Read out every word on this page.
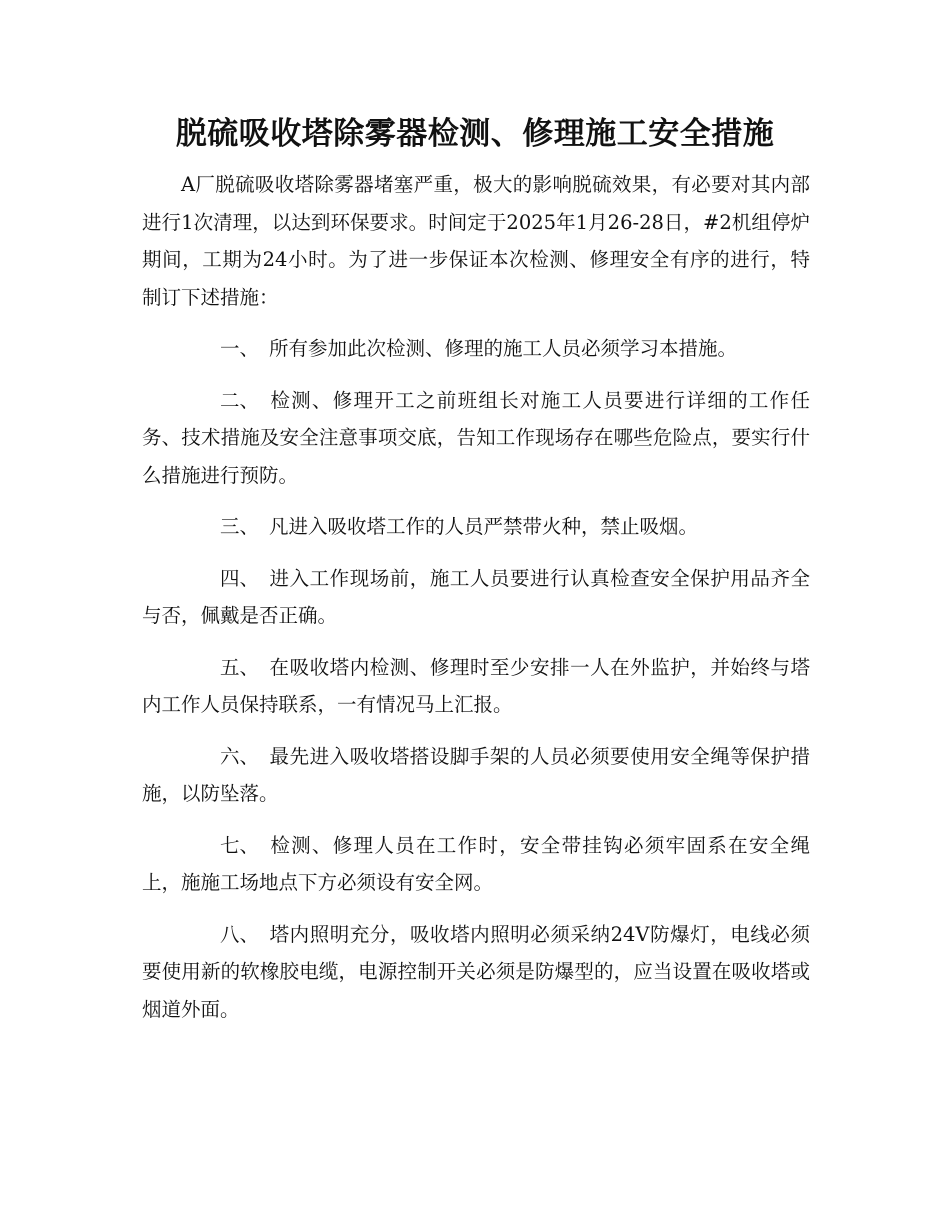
脱硫吸收塔除雾器检测、修理施工安全措施

A厂脱硫吸收塔除雾器堵塞严重，极大的影响脱硫效果，有必要对其内部进行1次清理，以达到环保要求。时间定于2025年1月26-28日，#2机组停炉期间，工期为24小时。为了进一步保证本次检测、修理安全有序的进行，特制订下述措施：

一、 所有参加此次检测、修理的施工人员必须学习本措施。

二、 检测、修理开工之前班组长对施工人员要进行详细的工作任务、技术措施及安全注意事项交底，告知工作现场存在哪些危险点，要实行什么措施进行预防。

三、 凡进入吸收塔工作的人员严禁带火种，禁止吸烟。

四、 进入工作现场前，施工人员要进行认真检查安全保护用品齐全与否，佩戴是否正确。

五、 在吸收塔内检测、修理时至少安排一人在外监护，并始终与塔内工作人员保持联系，一有情况马上汇报。

六、 最先进入吸收塔搭设脚手架的人员必须要使用安全绳等保护措施，以防坠落。

七、 检测、修理人员在工作时，安全带挂钩必须牢固系在安全绳上，施施工场地点下方必须设有安全网。

八、 塔内照明充分，吸收塔内照明必须采纳24V防爆灯，电线必须要使用新的软橡胶电缆，电源控制开关必须是防爆型的，应当设置在吸收塔或烟道外面。
